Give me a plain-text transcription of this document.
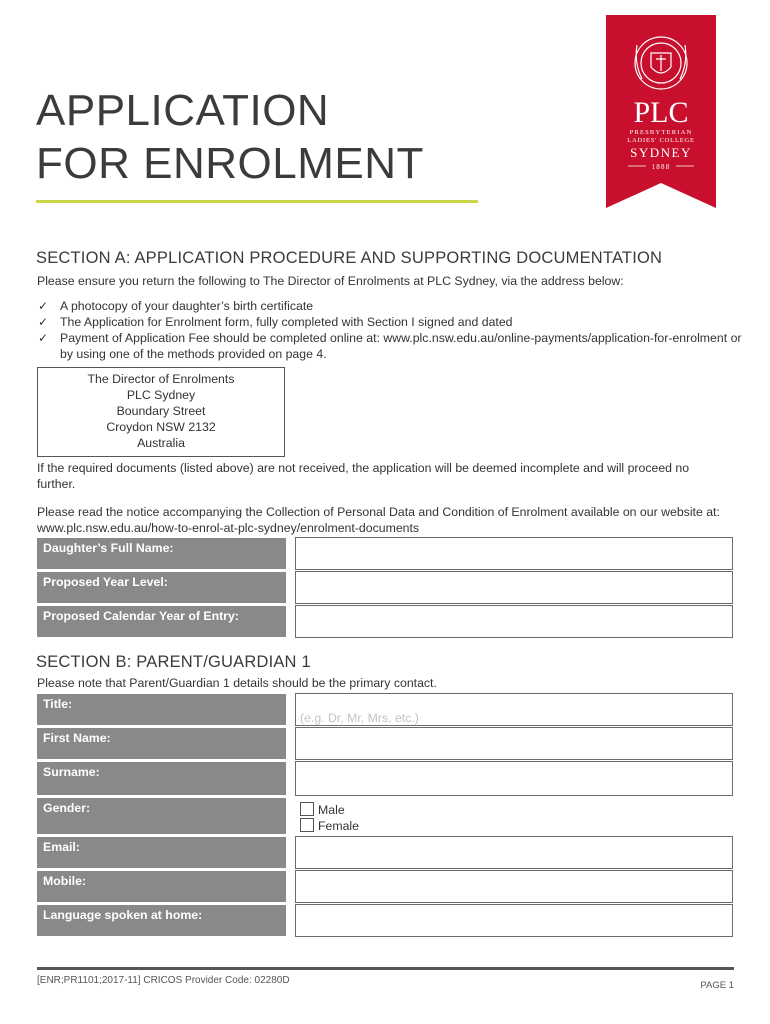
APPLICATION
FOR ENROLMENT
PLC
PRESBYTERIAN
LADIES' COLLEGE
SYDNEY
1888
SECTION A: APPLICATION PROCEDURE AND SUPPORTING DOCUMENTATION
Please ensure you return the following to The Director of Enrolments at PLC Sydney, via the address below:
✓ A photocopy of your daughter’s birth certificate
✓ The Application for Enrolment form, fully completed with Section I signed and dated
✓ Payment of Application Fee should be completed online at: www.plc.nsw.edu.au/online-payments/application-for-enrolment or by using one of the methods provided on page 4.
The Director of Enrolments
PLC Sydney
Boundary Street
Croydon NSW 2132
Australia
If the required documents (listed above) are not received, the application will be deemed incomplete and will proceed no further.
Please read the notice accompanying the Collection of Personal Data and Condition of Enrolment available on our website at: www.plc.nsw.edu.au/how-to-enrol-at-plc-sydney/enrolment-documents
Daughter’s Full Name:
Proposed Year Level:
Proposed Calendar Year of Entry:
SECTION B: PARENT/GUARDIAN 1
Please note that Parent/Guardian 1 details should be the primary contact.
Title:
(e.g. Dr, Mr, Mrs, etc.)
First Name:
Surname:
Gender:	Male
Female
Email:
Mobile:
Language spoken at home:
[ENR;PR1101;2017-11] CRICOS Provider Code: 02280D	PAGE 1
